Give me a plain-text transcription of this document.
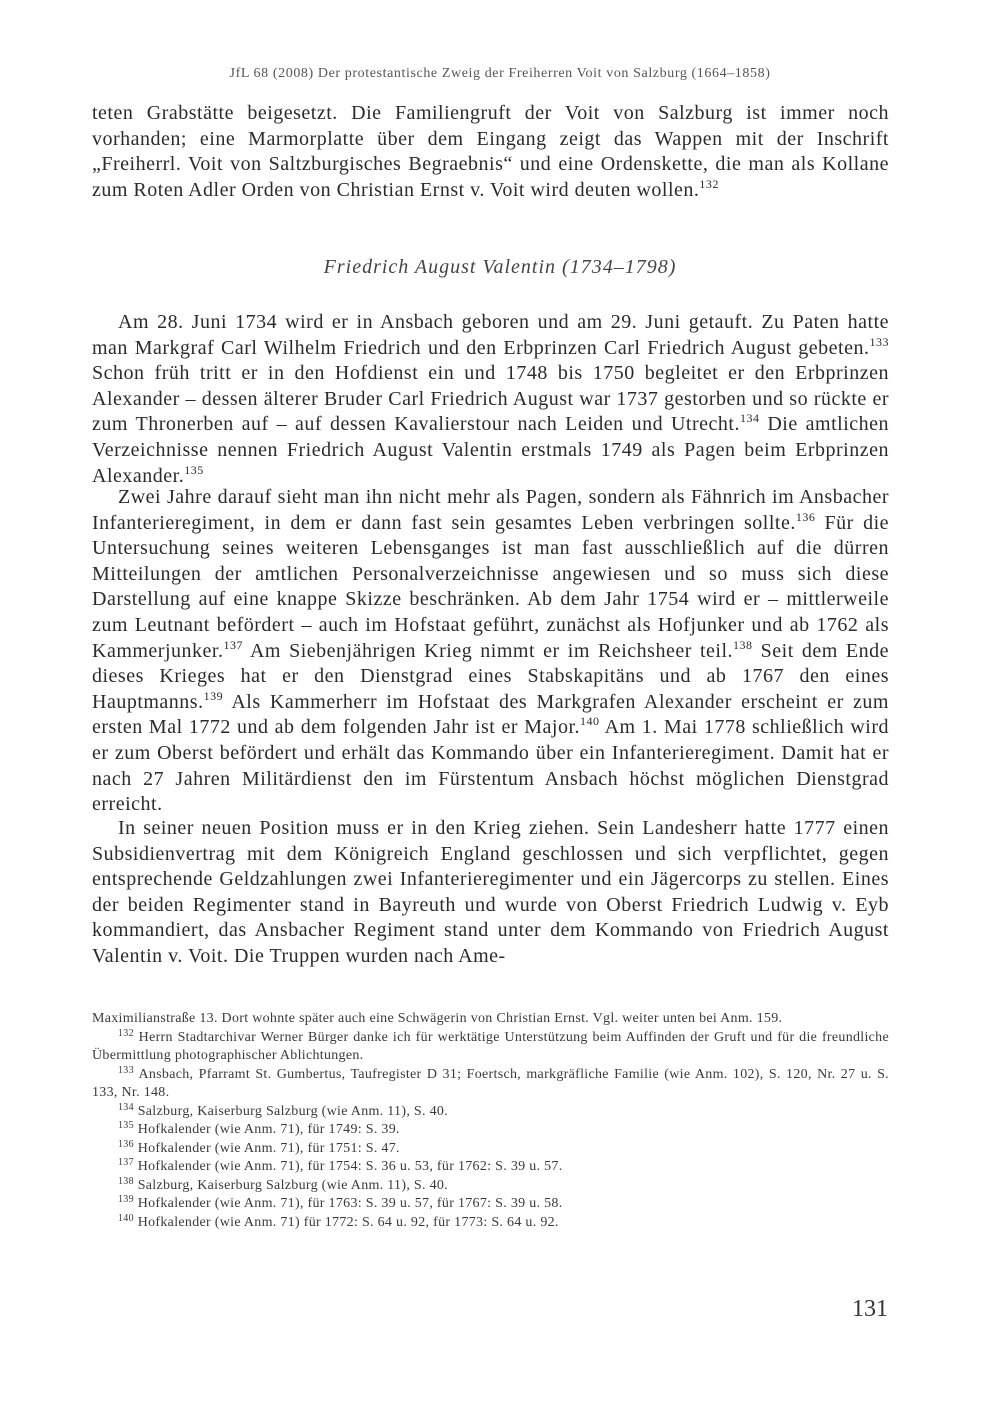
JfL 68 (2008) Der protestantische Zweig der Freiherren Voit von Salzburg (1664–1858)

teten Grabstätte beigesetzt. Die Familiengruft der Voit von Salzburg ist immer noch vorhanden; eine Marmorplatte über dem Eingang zeigt das Wappen mit der Inschrift „Freiherrl. Voit von Saltzburgisches Begraebnis“ und eine Ordenskette, die man als Kollane zum Roten Adler Orden von Christian Ernst v. Voit wird deuten wollen.$^{132}$

Friedrich August Valentin (1734–1798)

Am 28. Juni 1734 wird er in Ansbach geboren und am 29. Juni getauft. Zu Paten hatte man Markgraf Carl Wilhelm Friedrich und den Erbprinzen Carl Friedrich August gebeten.$^{133}$ Schon früh tritt er in den Hofdienst ein und 1748 bis 1750 begleitet er den Erbprinzen Alexander – dessen älterer Bruder Carl Friedrich August war 1737 gestorben und so rückte er zum Thronerben auf – auf dessen Kavalierstour nach Leiden und Utrecht.$^{134}$ Die amtlichen Verzeichnisse nennen Friedrich August Valentin erstmals 1749 als Pagen beim Erbprinzen Alexander.$^{135}$

Zwei Jahre darauf sieht man ihn nicht mehr als Pagen, sondern als Fähnrich im Ansbacher Infanterieregiment, in dem er dann fast sein gesamtes Leben verbringen sollte.$^{136}$ Für die Untersuchung seines weiteren Lebensganges ist man fast ausschließlich auf die dürren Mitteilungen der amtlichen Personalverzeichnisse angewiesen und so muss sich diese Darstellung auf eine knappe Skizze beschränken. Ab dem Jahr 1754 wird er – mittlerweile zum Leutnant befördert – auch im Hofstaat geführt, zunächst als Hofjunker und ab 1762 als Kammerjunker.$^{137}$ Am Siebenjährigen Krieg nimmt er im Reichsheer teil.$^{138}$ Seit dem Ende dieses Krieges hat er den Dienstgrad eines Stabskapitäns und ab 1767 den eines Hauptmanns.$^{139}$ Als Kammerherr im Hofstaat des Markgrafen Alexander erscheint er zum ersten Mal 1772 und ab dem folgenden Jahr ist er Major.$^{140}$ Am 1. Mai 1778 schließlich wird er zum Oberst befördert und erhält das Kommando über ein Infanterieregiment. Damit hat er nach 27 Jahren Militärdienst den im Fürstentum Ansbach höchst möglichen Dienstgrad erreicht.

In seiner neuen Position muss er in den Krieg ziehen. Sein Landesherr hatte 1777 einen Subsidienvertrag mit dem Königreich England geschlossen und sich verpflichtet, gegen entsprechende Geldzahlungen zwei Infanterieregimenter und ein Jägercorps zu stellen. Eines der beiden Regimenter stand in Bayreuth und wurde von Oberst Friedrich Ludwig v. Eyb kommandiert, das Ansbacher Regiment stand unter dem Kommando von Friedrich August Valentin v. Voit. Die Truppen wurden nach Ame-

Maximilianstraße 13. Dort wohnte später auch eine Schwägerin von Christian Ernst. Vgl. weiter unten bei Anm. 159.

$^{132}$ Herrn Stadtarchivar Werner Bürger danke ich für werktätige Unterstützung beim Auffinden der Gruft und für die freundliche Übermittlung photographischer Ablichtungen.

$^{133}$ Ansbach, Pfarramt St. Gumbertus, Taufregister D 31; Foertsch, markgräfliche Familie (wie Anm. 102), S. 120, Nr. 27 u. S. 133, Nr. 148.

$^{134}$ Salzburg, Kaiserburg Salzburg (wie Anm. 11), S. 40.

$^{135}$ Hofkalender (wie Anm. 71), für 1749: S. 39.

$^{136}$ Hofkalender (wie Anm. 71), für 1751: S. 47.

$^{137}$ Hofkalender (wie Anm. 71), für 1754: S. 36 u. 53, für 1762: S. 39 u. 57.

$^{138}$ Salzburg, Kaiserburg Salzburg (wie Anm. 11), S. 40.

$^{139}$ Hofkalender (wie Anm. 71), für 1763: S. 39 u. 57, für 1767: S. 39 u. 58.

$^{140}$ Hofkalender (wie Anm. 71) für 1772: S. 64 u. 92, für 1773: S. 64 u. 92.

131
